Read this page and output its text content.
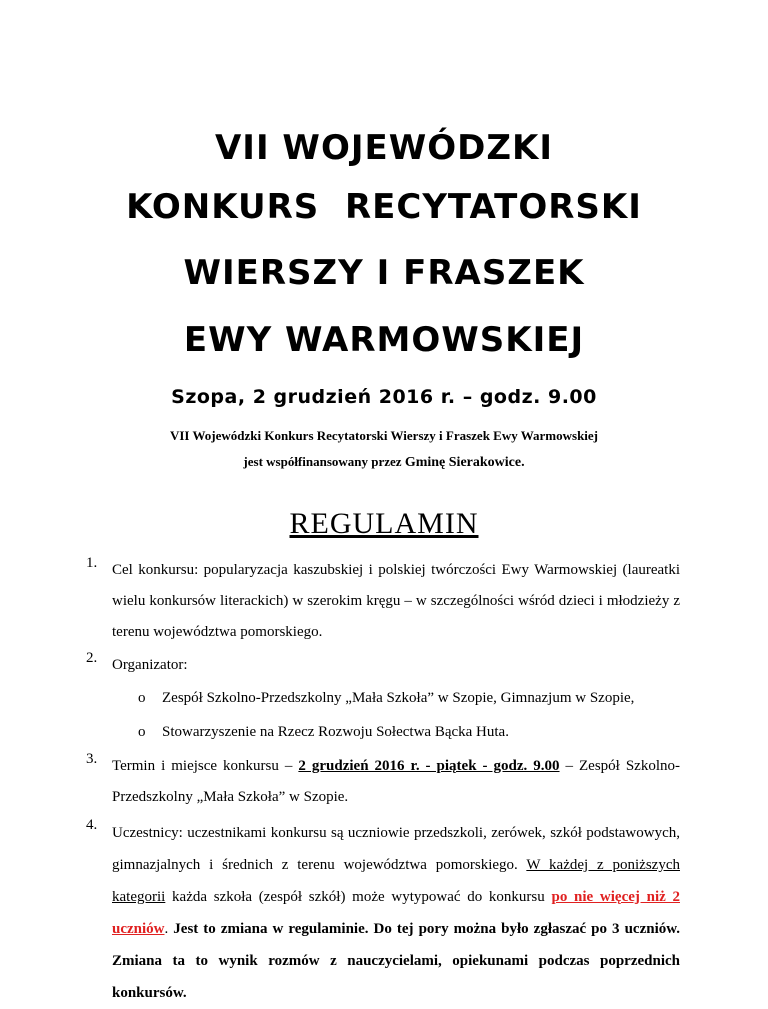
VII WOJEWÓDZKI
KONKURS  RECYTATORSKI
WIERSZY I FRASZEK
EWY WARMOWSKIEJ
Szopa, 2 grudzień 2016 r. – godz. 9.00
VII Wojewódzki Konkurs Recytatorski Wierszy i Fraszek Ewy Warmowskiej
jest współfinansowany przez Gminę Sierakowice.
REGULAMIN
1. Cel konkursu: popularyzacja kaszubskiej i polskiej twórczości Ewy Warmowskiej (laureatki wielu konkursów literackich) w szerokim kręgu – w szczególności wśród dzieci i młodzieży z terenu województwa pomorskiego.

2. Organizator:

o Zespół Szkolno-Przedszkolny „Mała Szkoła” w Szopie, Gimnazjum w Szopie,
o Stowarzyszenie na Rzecz Rozwoju Sołectwa Bącka Huta.
3. Termin i miejsce konkursu – 2 grudzień 2016 r. - piątek - godz. 9.00 – Zespół Szkolno-Przedszkolny „Mała Szkoła” w Szopie.

4. Uczestnicy: uczestnikami konkursu są uczniowie przedszkoli, zerówek, szkół podstawowych, gimnazjalnych i średnich z terenu województwa pomorskiego. W każdej z poniższych kategorii każda szkoła (zespół szkół) może wytypować do konkursu po nie więcej niż 2 uczniów. Jest to zmiana w regulaminie. Do tej pory można było zgłaszać po 3 uczniów. Zmiana ta to wynik rozmów z nauczycielami, opiekunami podczas poprzednich konkursów.
